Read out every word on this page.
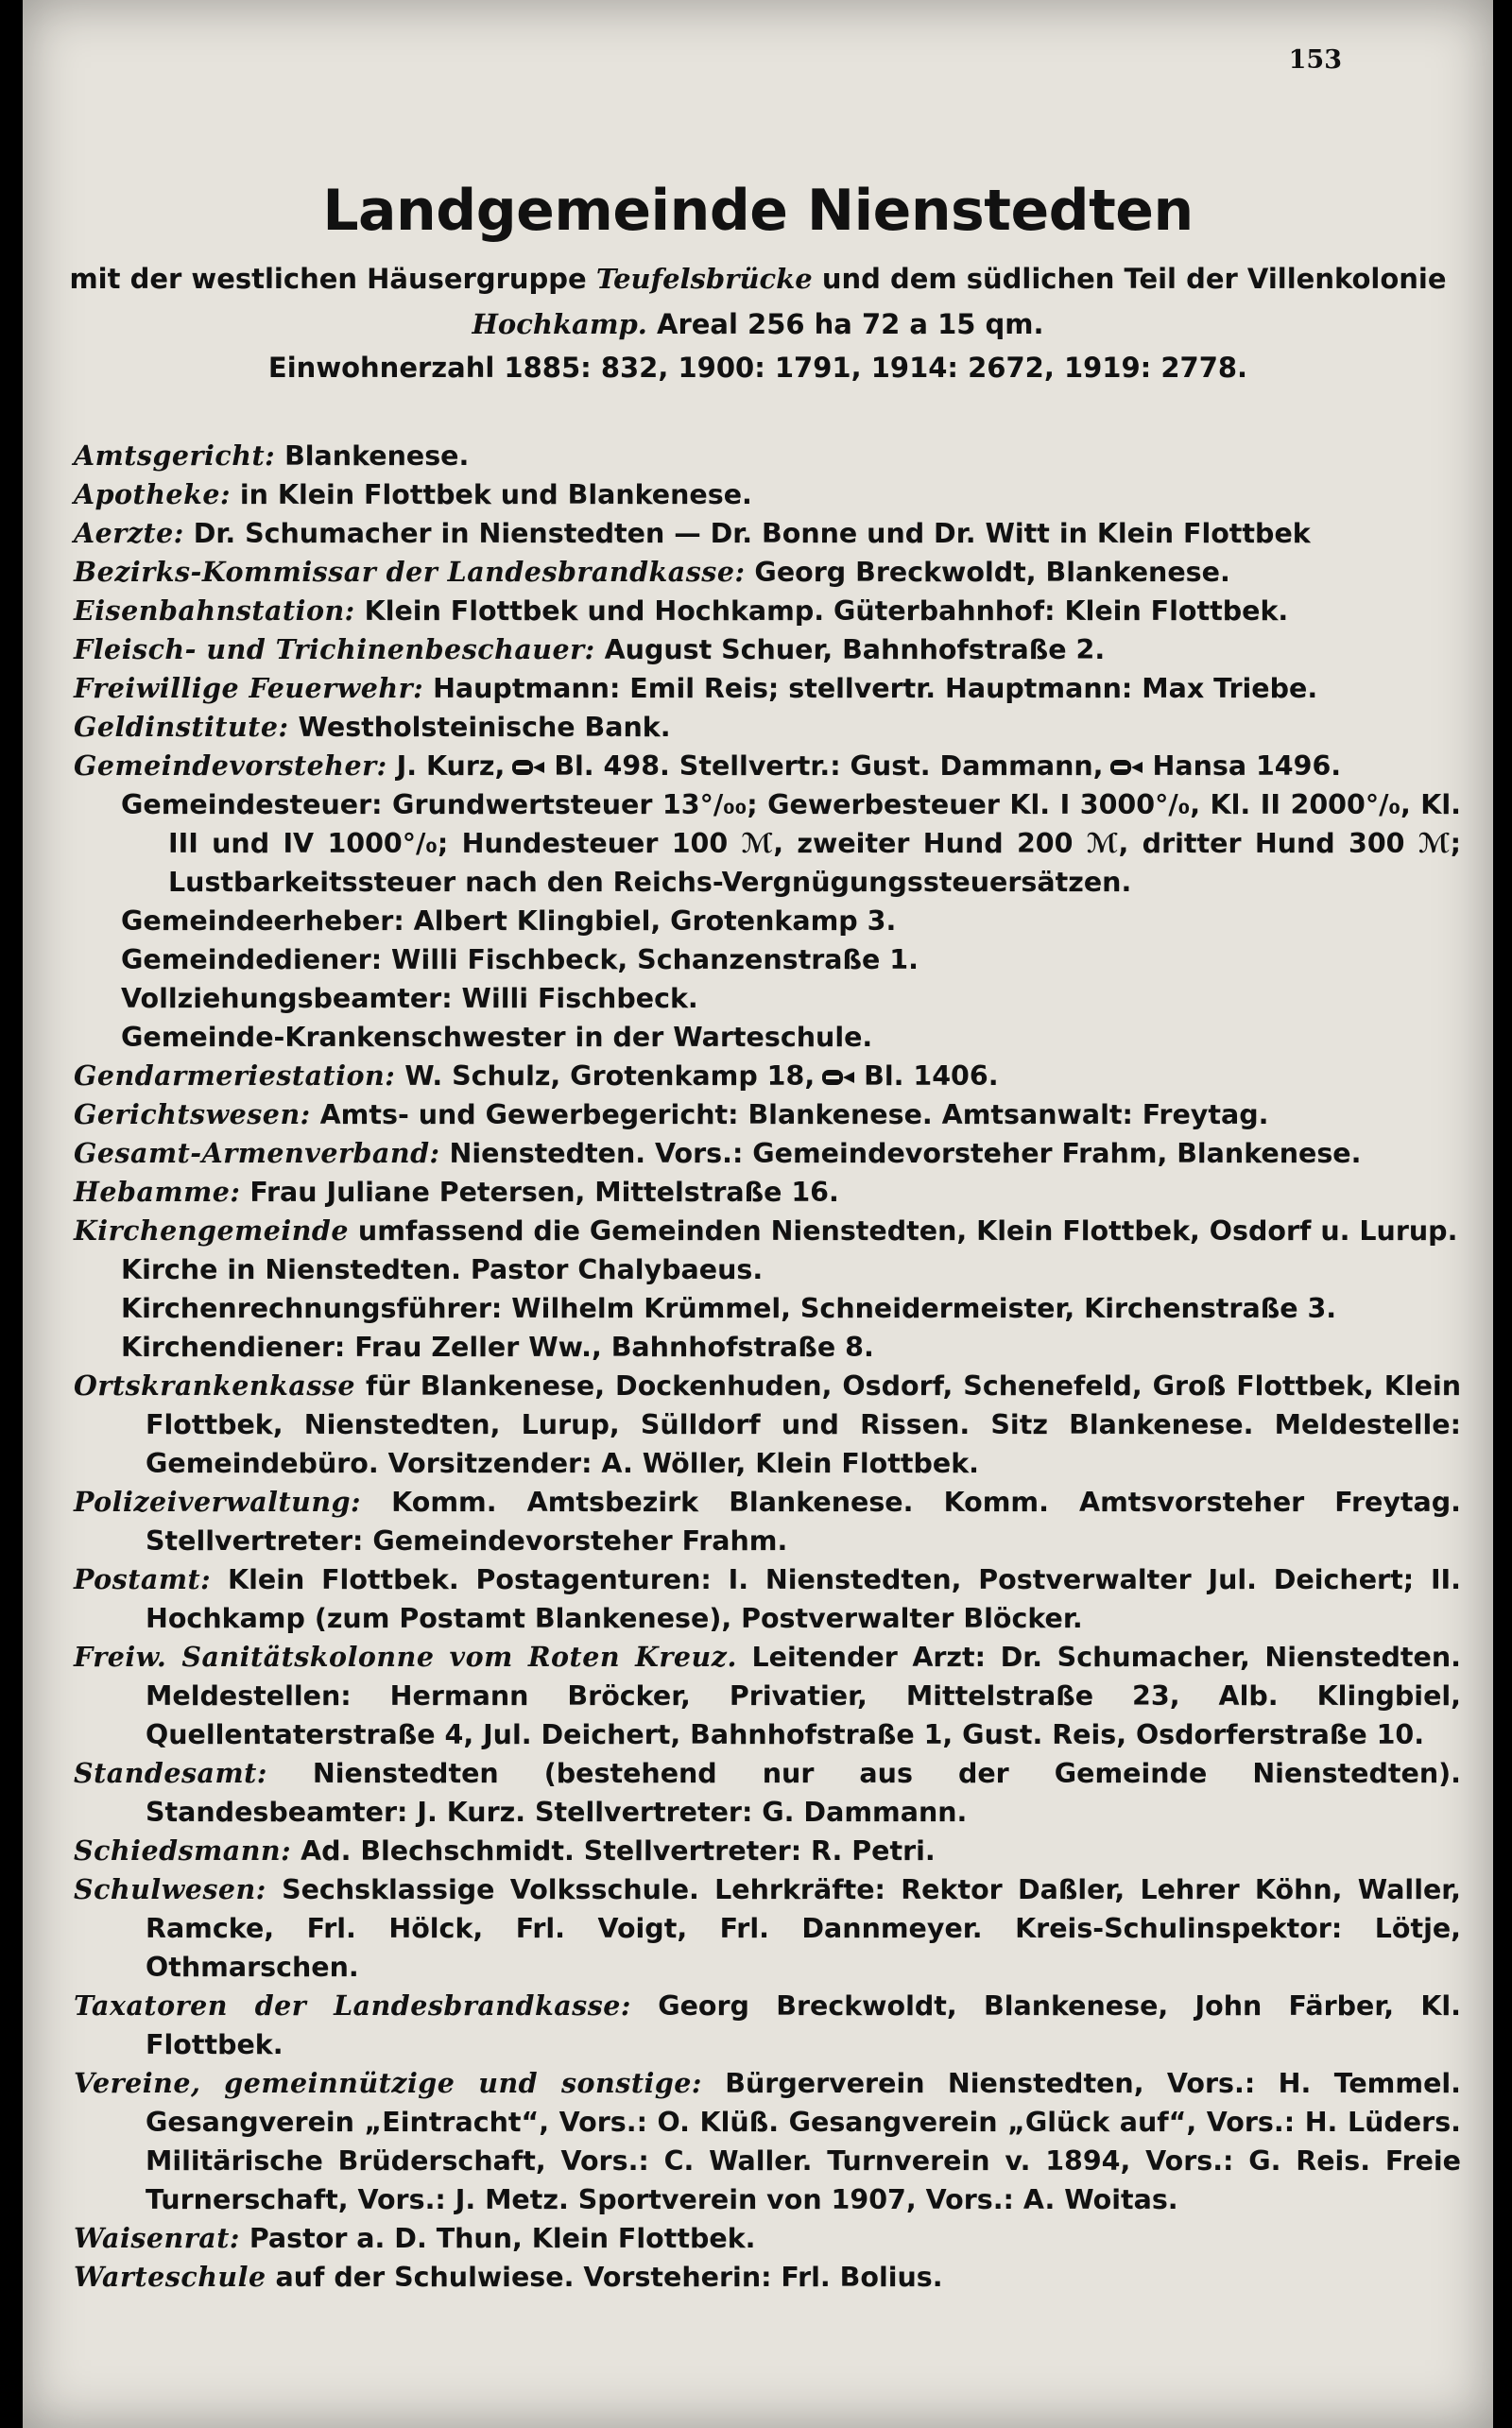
153
Landgemeinde Nienstedten
mit der westlichen Häusergruppe Teufelsbrücke und dem südlichen Teil der Villenkolonie
Hochkamp. Areal 256 ha 72 a 15 qm.
Einwohnerzahl 1885: 832, 1900: 1791, 1914: 2672, 1919: 2778.
Amtsgericht: Blankenese.
Apotheke: in Klein Flottbek und Blankenese.
Aerzte: Dr. Schumacher in Nienstedten — Dr. Bonne und Dr. Witt in Klein Flottbek
Bezirks-Kommissar der Landesbrandkasse: Georg Breckwoldt, Blankenese.
Eisenbahnstation: Klein Flottbek und Hochkamp. Güterbahnhof: Klein Flottbek.
Fleisch- und Trichinenbeschauer: August Schuer, Bahnhofstraße 2.
Freiwillige Feuerwehr: Hauptmann: Emil Reis; stellvertr. Hauptmann: Max Triebe.
Geldinstitute: Westholsteinische Bank.
Gemeindevorsteher: J. Kurz, Bl. 498. Stellvertr.: Gust. Dammann, Hansa 1496.
Gemeindesteuer: Grundwertsteuer 13°/₀₀; Gewerbesteuer Kl. I 3000°/₀, Kl. II 2000°/₀, Kl. III und IV 1000°/₀; Hundesteuer 100 ℳ, zweiter Hund 200 ℳ, dritter Hund 300 ℳ; Lustbarkeitssteuer nach den Reichs-Vergnügungssteuersätzen.
Gemeindeerheber: Albert Klingbiel, Grotenkamp 3.
Gemeindediener: Willi Fischbeck, Schanzenstraße 1.
Vollziehungsbeamter: Willi Fischbeck.
Gemeinde-Krankenschwester in der Warteschule.
Gendarmeriestation: W. Schulz, Grotenkamp 18, Bl. 1406.
Gerichtswesen: Amts- und Gewerbegericht: Blankenese. Amtsanwalt: Freytag.
Gesamt-Armenverband: Nienstedten. Vors.: Gemeindevorsteher Frahm, Blankenese.
Hebamme: Frau Juliane Petersen, Mittelstraße 16.
Kirchengemeinde umfassend die Gemeinden Nienstedten, Klein Flottbek, Osdorf u. Lurup.
Kirche in Nienstedten. Pastor Chalybaeus.
Kirchenrechnungsführer: Wilhelm Krümmel, Schneidermeister, Kirchenstraße 3.
Kirchendiener: Frau Zeller Ww., Bahnhofstraße 8.
Ortskrankenkasse für Blankenese, Dockenhuden, Osdorf, Schenefeld, Groß Flottbek, Klein Flottbek, Nienstedten, Lurup, Sülldorf und Rissen. Sitz Blankenese. Meldestelle: Gemeindebüro. Vorsitzender: A. Wöller, Klein Flottbek.
Polizeiverwaltung: Komm. Amtsbezirk Blankenese. Komm. Amtsvorsteher Freytag. Stellvertreter: Gemeindevorsteher Frahm.
Postamt: Klein Flottbek. Postagenturen: I. Nienstedten, Postverwalter Jul. Deichert; II. Hochkamp (zum Postamt Blankenese), Postverwalter Blöcker.
Freiw. Sanitätskolonne vom Roten Kreuz. Leitender Arzt: Dr. Schumacher, Nienstedten. Meldestellen: Hermann Bröcker, Privatier, Mittelstraße 23, Alb. Klingbiel, Quellentaterstraße 4, Jul. Deichert, Bahnhofstraße 1, Gust. Reis, Osdorferstraße 10.
Standesamt: Nienstedten (bestehend nur aus der Gemeinde Nienstedten). Standesbeamter: J. Kurz. Stellvertreter: G. Dammann.
Schiedsmann: Ad. Blechschmidt. Stellvertreter: R. Petri.
Schulwesen: Sechsklassige Volksschule. Lehrkräfte: Rektor Daßler, Lehrer Köhn, Waller, Ramcke, Frl. Hölck, Frl. Voigt, Frl. Dannmeyer. Kreis-Schulinspektor: Lötje, Othmarschen.
Taxatoren der Landesbrandkasse: Georg Breckwoldt, Blankenese, John Färber, Kl. Flottbek.
Vereine, gemeinnützige und sonstige: Bürgerverein Nienstedten, Vors.: H. Temmel. Gesangverein „Eintracht“, Vors.: O. Klüß. Gesangverein „Glück auf“, Vors.: H. Lüders. Militärische Brüderschaft, Vors.: C. Waller. Turnverein v. 1894, Vors.: G. Reis. Freie Turnerschaft, Vors.: J. Metz. Sportverein von 1907, Vors.: A. Woitas.
Waisenrat: Pastor a. D. Thun, Klein Flottbek.
Warteschule auf der Schulwiese. Vorsteherin: Frl. Bolius.
